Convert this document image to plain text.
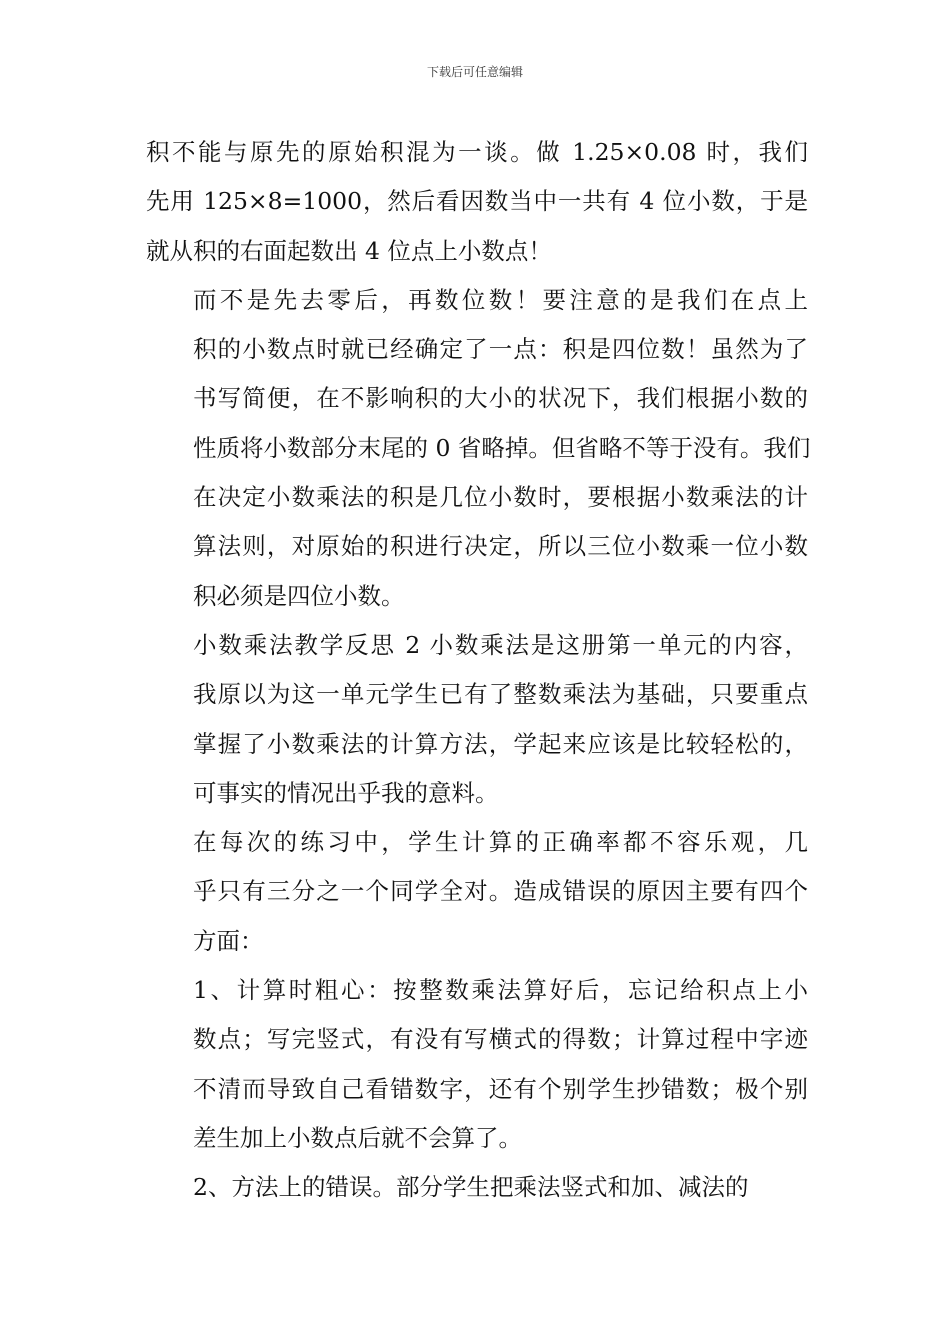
下载后可任意编辑
积不能与原先的原始积混为一谈。做 1.25×0.08 时，我们
先用 125×8=1000，然后看因数当中一共有 4 位小数，于是
就从积的右面起数出 4 位点上小数点！
而不是先去零后，再数位数！要注意的是我们在点上
积的小数点时就已经确定了一点：积是四位数！虽然为了
书写简便，在不影响积的大小的状况下，我们根据小数的
性质将小数部分末尾的 0 省略掉。但省略不等于没有。我们
在决定小数乘法的积是几位小数时，要根据小数乘法的计
算法则，对原始的积进行决定，所以三位小数乘一位小数
积必须是四位小数。
小数乘法教学反思 2 小数乘法是这册第一单元的内容，
我原以为这一单元学生已有了整数乘法为基础，只要重点
掌握了小数乘法的计算方法，学起来应该是比较轻松的，
可事实的情况出乎我的意料。
在每次的练习中，学生计算的正确率都不容乐观，几
乎只有三分之一个同学全对。造成错误的原因主要有四个
方面：
1、计算时粗心：按整数乘法算好后，忘记给积点上小
数点；写完竖式，有没有写横式的得数；计算过程中字迹
不清而导致自己看错数字，还有个别学生抄错数；极个别
差生加上小数点后就不会算了。
2、方法上的错误。部分学生把乘法竖式和加、减法的
